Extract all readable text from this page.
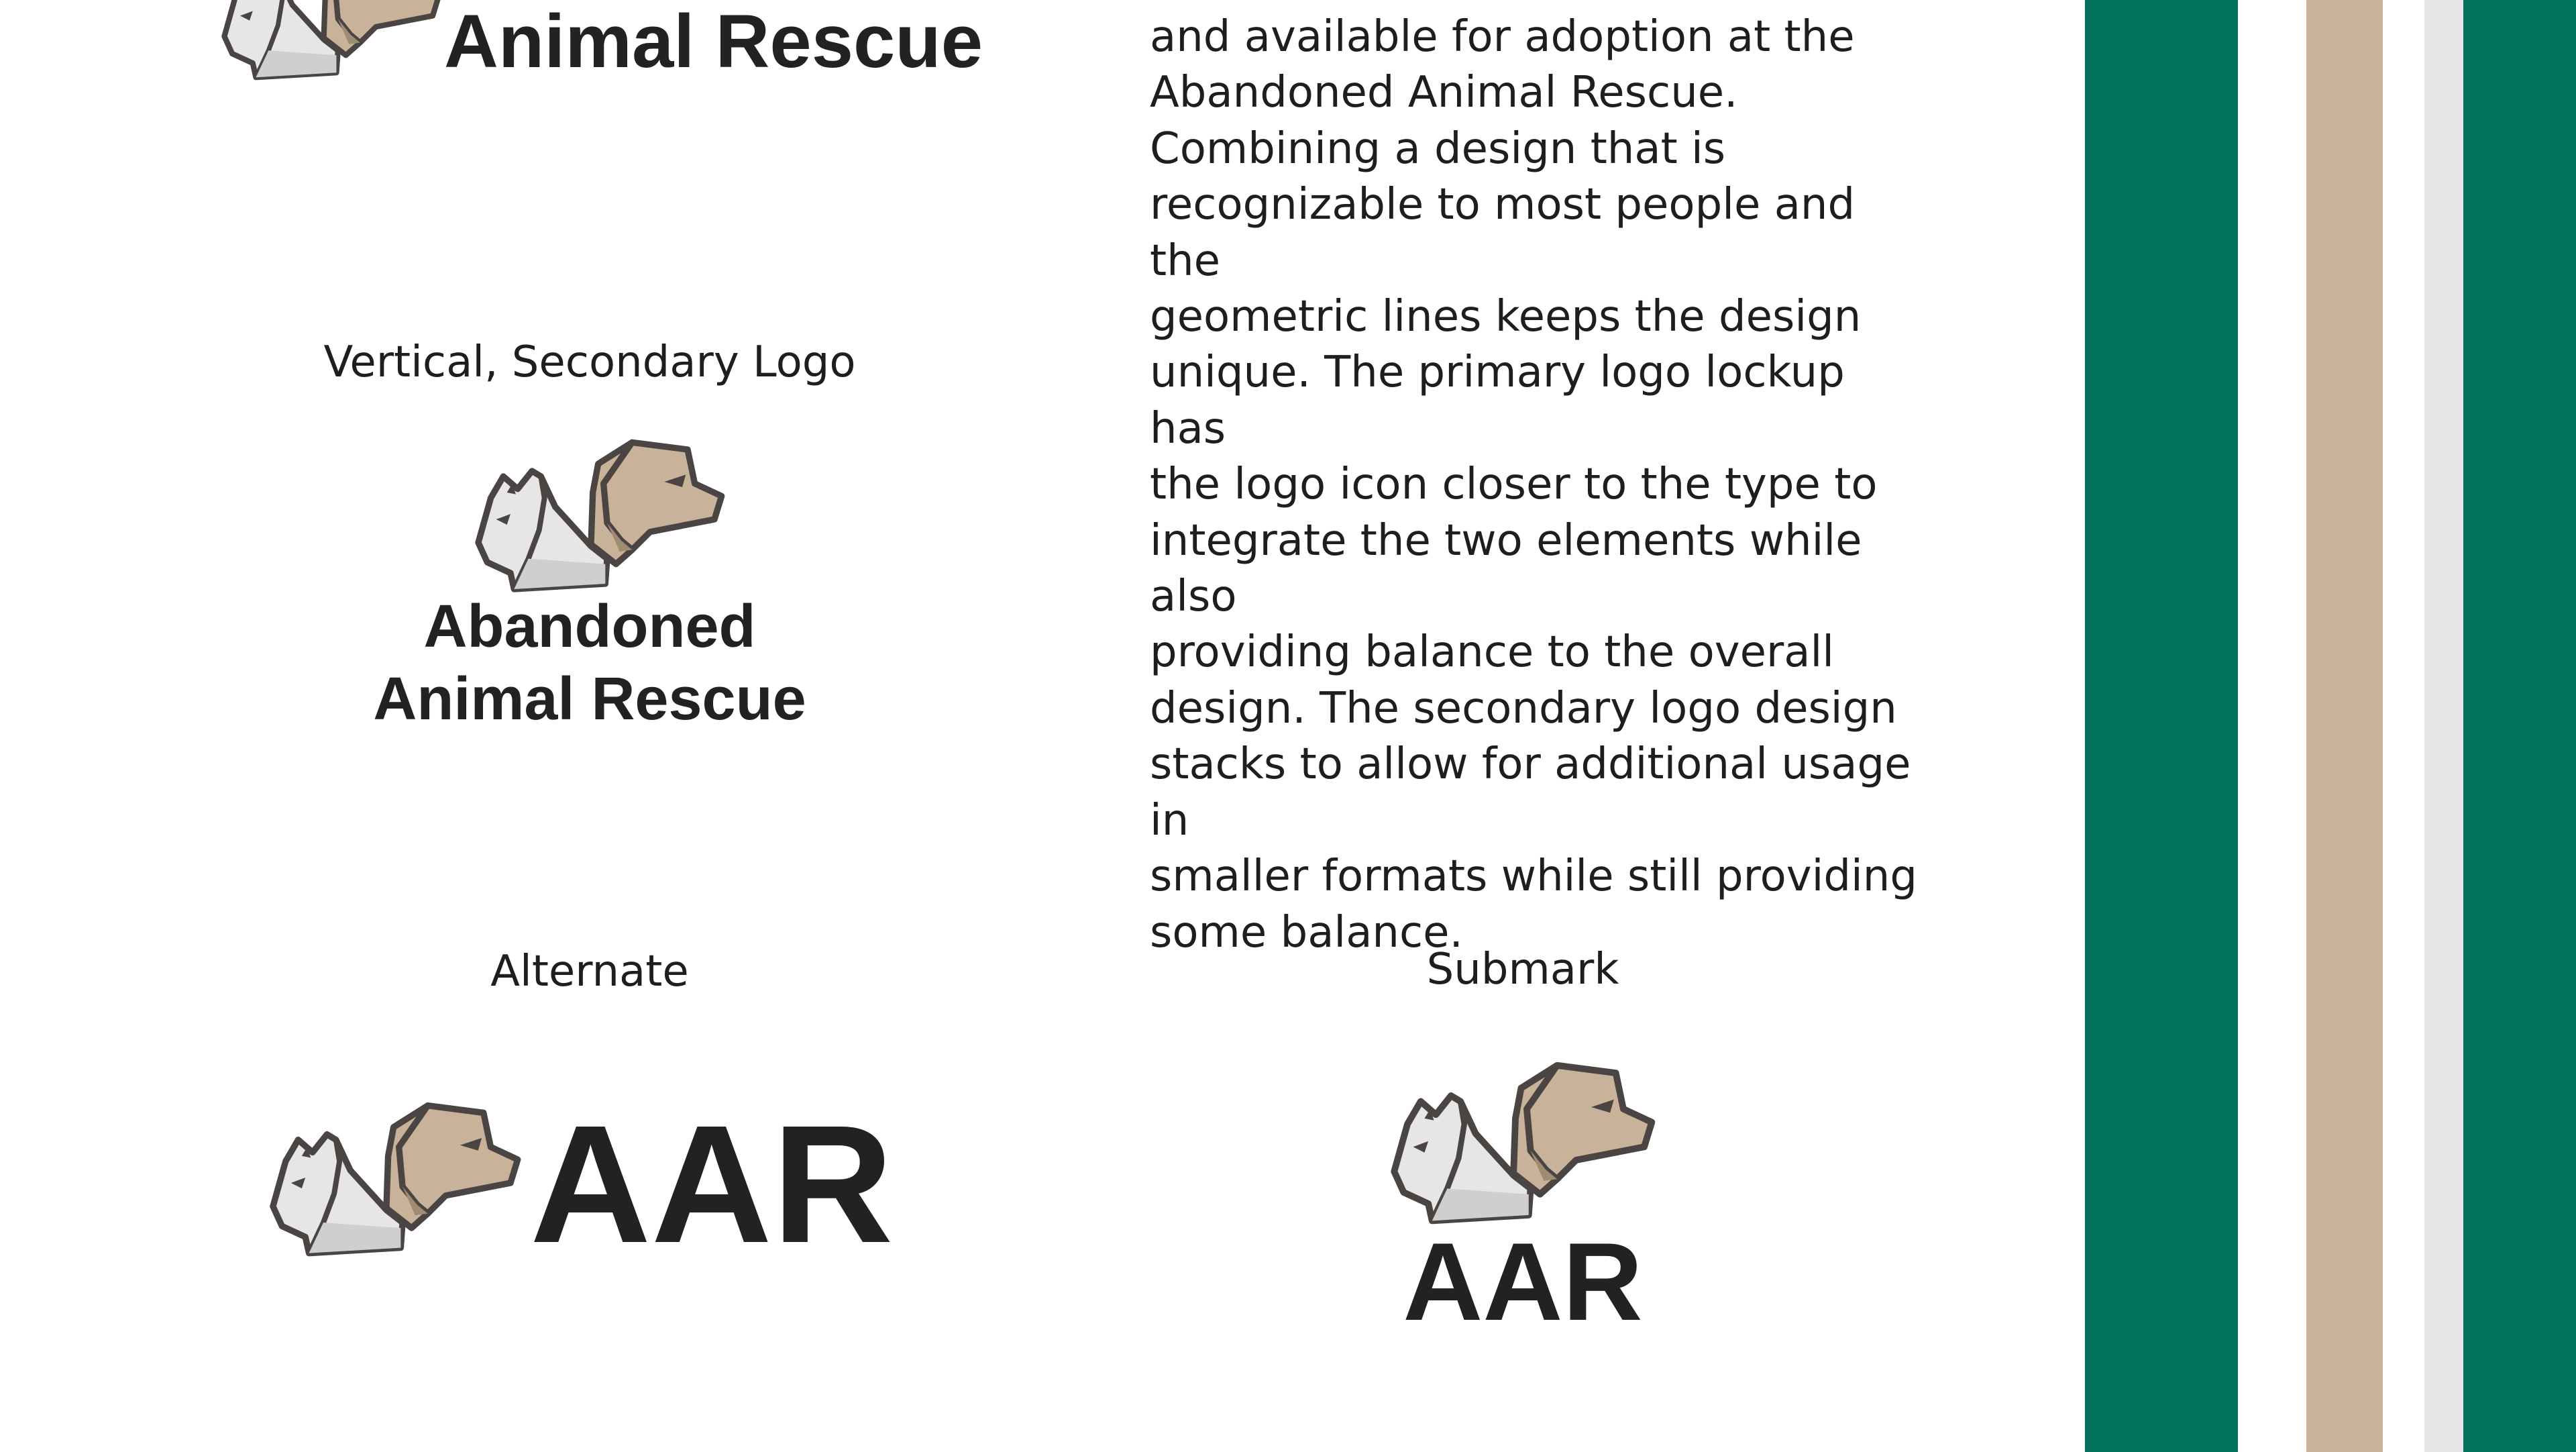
Animal Rescue	and available for adoption at the
Abandoned Animal Rescue.
Combining a design that is
recognizable to most people and the
geometric lines keeps the design
unique. The primary logo lockup has
the logo icon closer to the type to
integrate the two elements while also
providing balance to the overall
design. The secondary logo design
stacks to allow for additional usage in
smaller formats while still providing
some balance.
Vertical, Secondary Logo
Abandoned
Animal Rescue
Alternate
AAR
Submark
AAR
